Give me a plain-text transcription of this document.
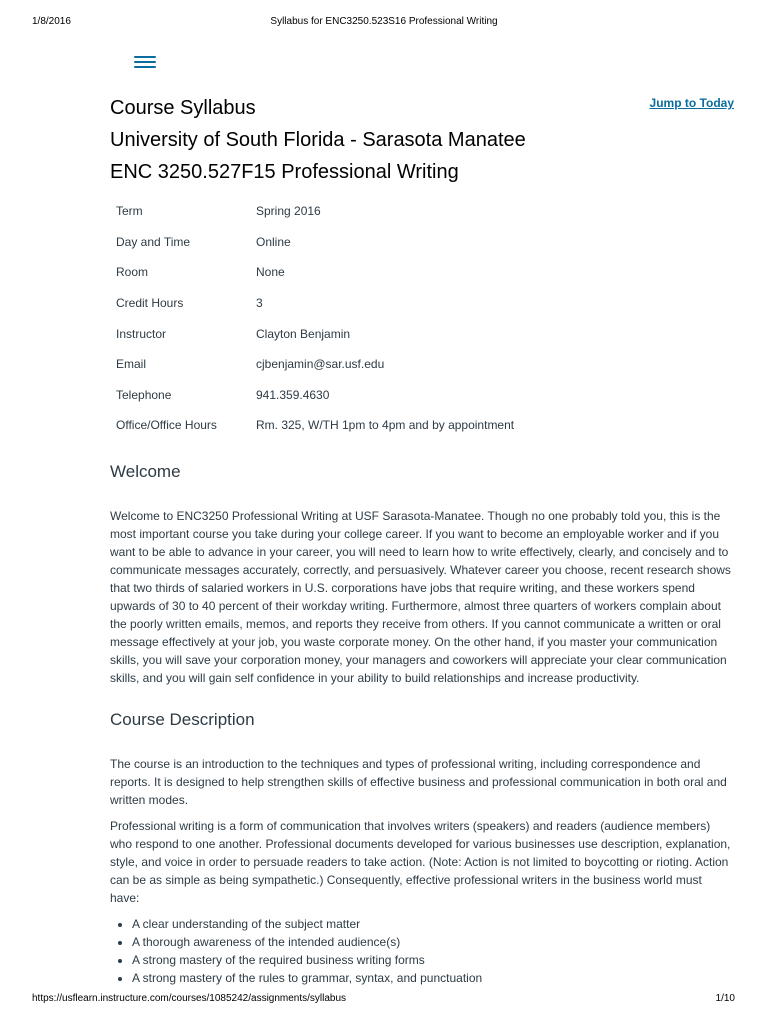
1/8/2016	Syllabus for ENC3250.523S16 Professional Writing
Jump to Today
Course Syllabus
University of South Florida - Sarasota Manatee
ENC 3250.527F15 Professional Writing
Term	Spring 2016
Day and Time	Online
Room	None
Credit Hours	3
Instructor	Clayton Benjamin
Email	cjbenjamin@sar.usf.edu
Telephone	941.359.4630
Office/Office Hours	Rm. 325, W/TH 1pm to 4pm and by appointment
Welcome

Welcome to ENC3250 Professional Writing at USF Sarasota-Manatee. Though no one probably told you, this is the most important course you take during your college career. If you want to become an employable worker and if you want to be able to advance in your career, you will need to learn how to write effectively, clearly, and concisely and to communicate messages accurately, correctly, and persuasively. Whatever career you choose, recent research shows that two thirds of salaried workers in U.S. corporations have jobs that require writing, and these workers spend upwards of 30 to 40 percent of their workday writing. Furthermore, almost three quarters of workers complain about the poorly written emails, memos, and reports they receive from others. If you cannot communicate a written or oral message effectively at your job, you waste corporate money. On the other hand, if you master your communication skills, you will save your corporation money, your managers and coworkers will appreciate your clear communication skills, and you will gain self confidence in your ability to build relationships and increase productivity.

Course Description

The course is an introduction to the techniques and types of professional writing, including correspondence and reports. It is designed to help strengthen skills of effective business and professional communication in both oral and written modes.

Professional writing is a form of communication that involves writers (speakers) and readers (audience members) who respond to one another. Professional documents developed for various businesses use description, explanation, style, and voice in order to persuade readers to take action. (Note: Action is not limited to boycotting or rioting. Action can be as simple as being sympathetic.) Consequently, effective professional writers in the business world must have:

• A clear understanding of the subject matter
• A thorough awareness of the intended audience(s)
• A strong mastery of the required business writing forms
• A strong mastery of the rules to grammar, syntax, and punctuation
https://usflearn.instructure.com/courses/1085242/assignments/syllabus	1/10
